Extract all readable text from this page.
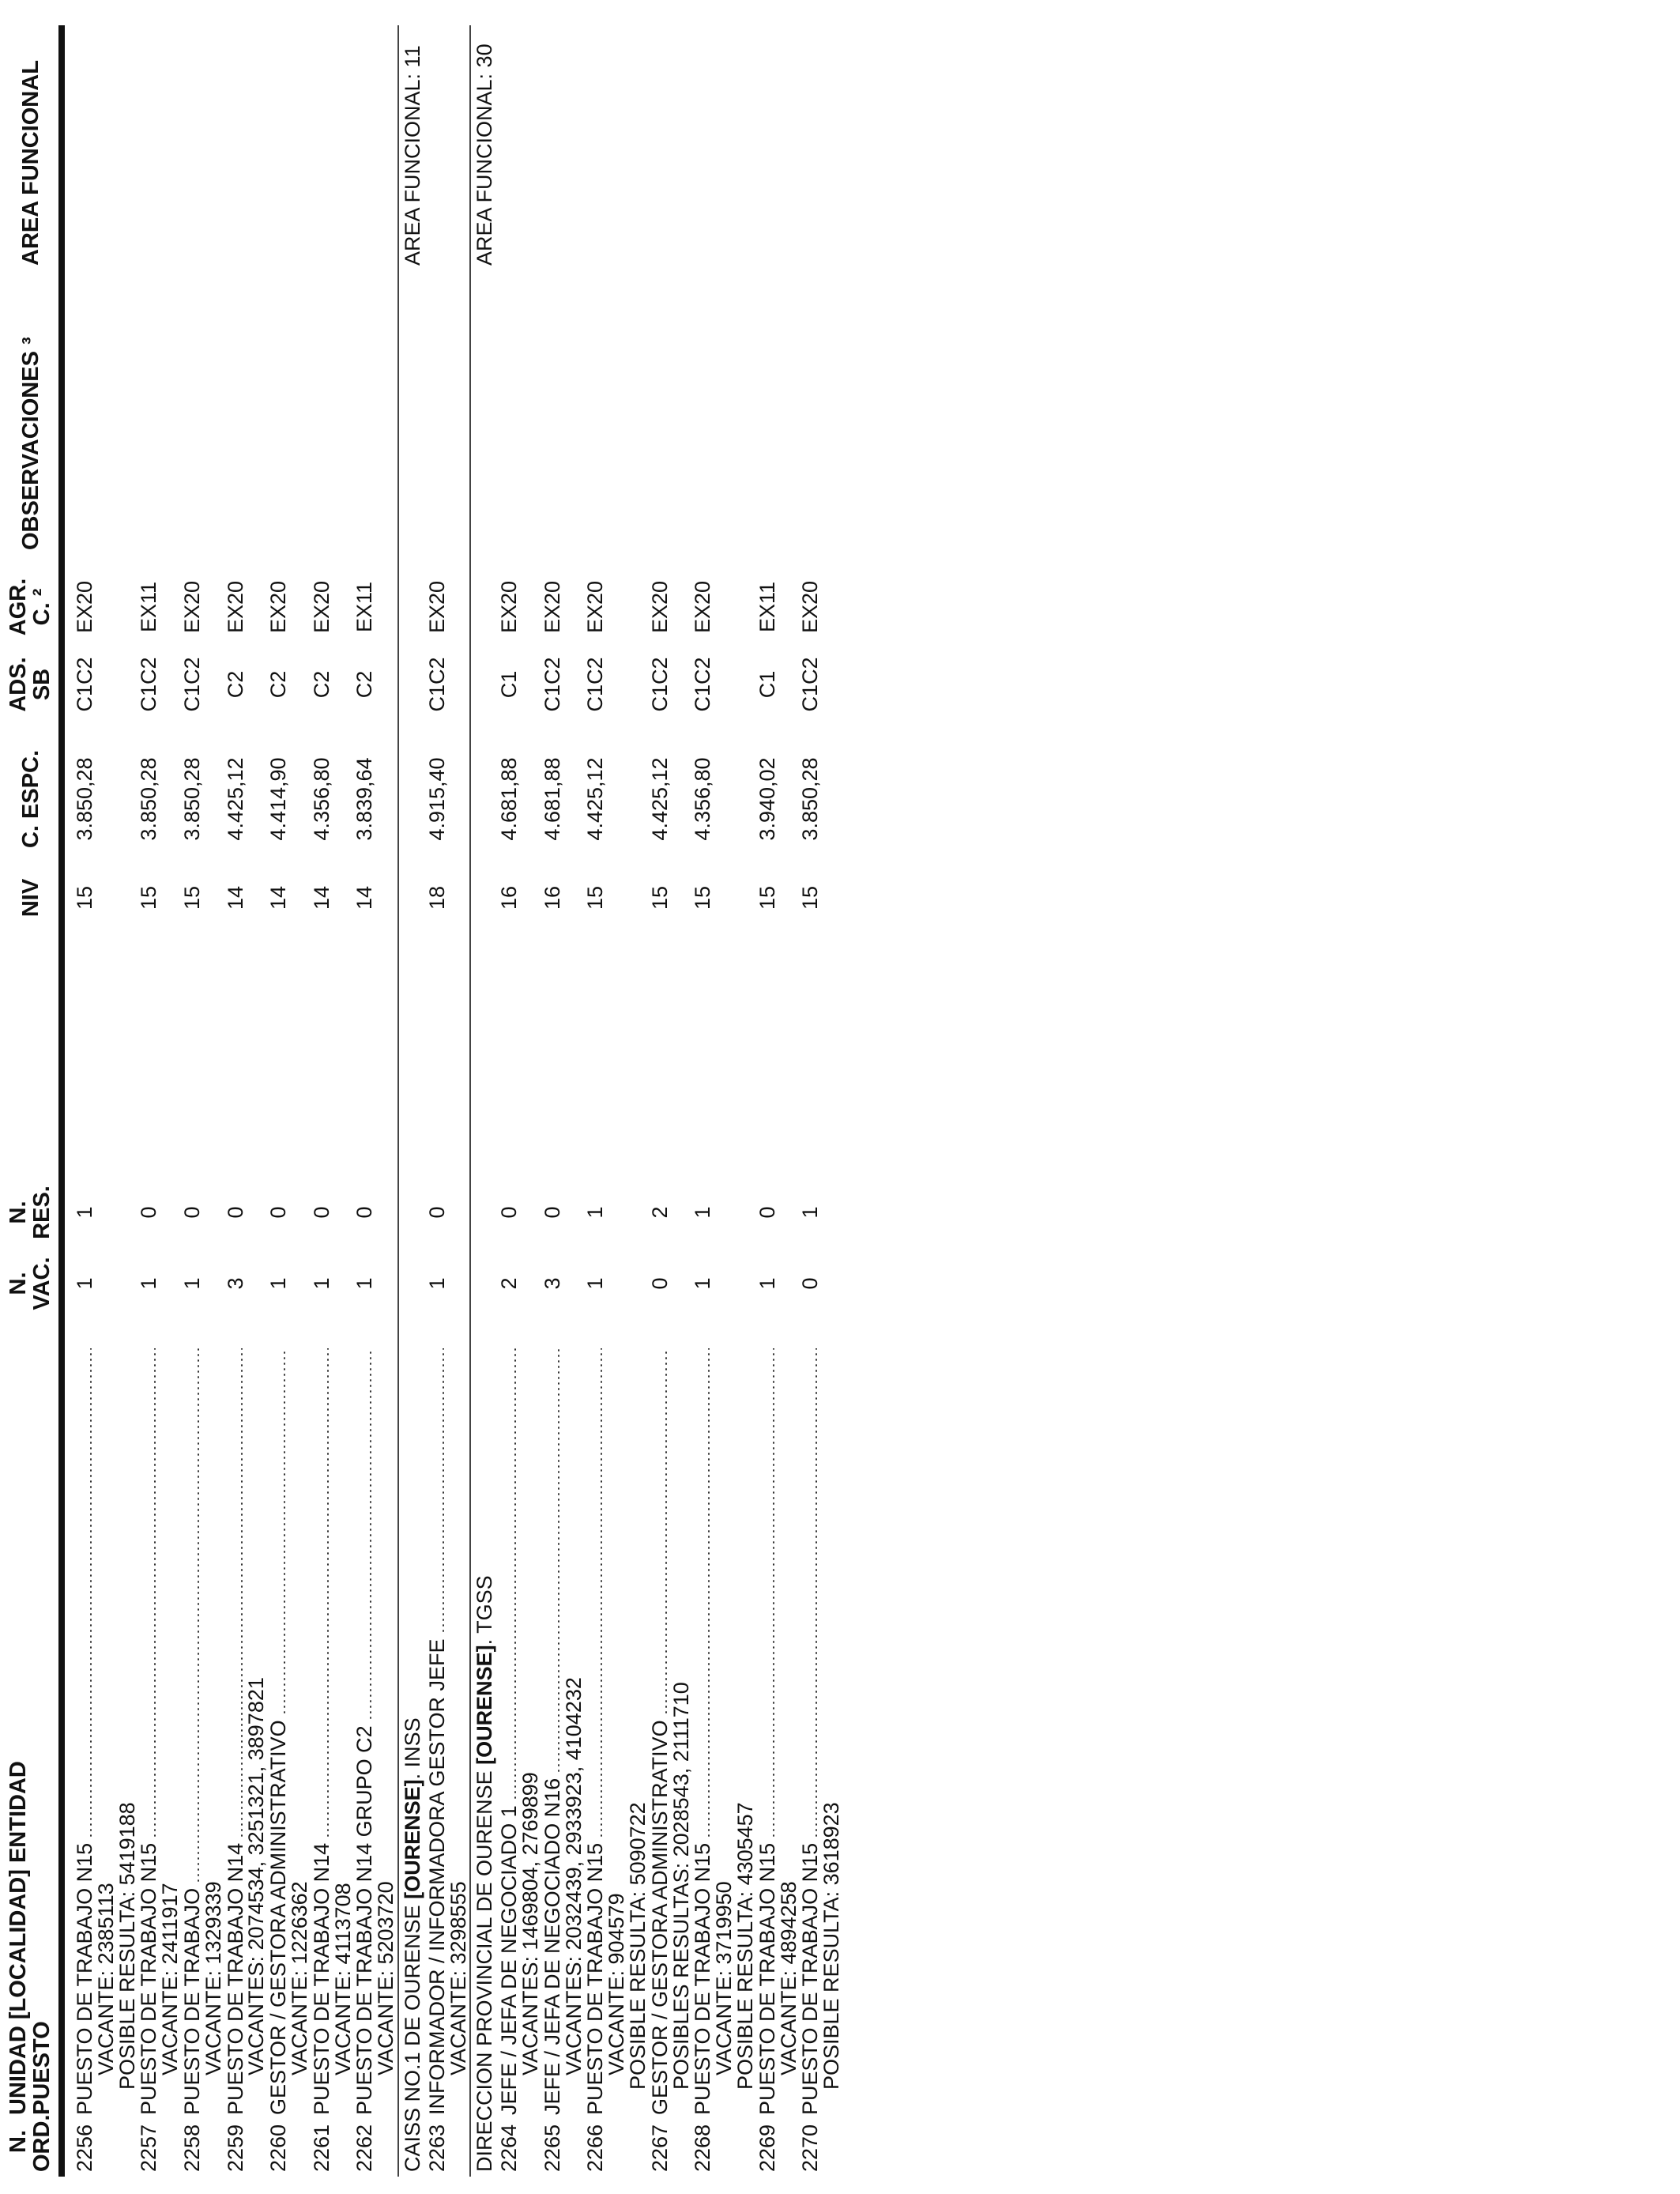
N.
ORD.
UNIDAD [LOCALIDAD] ENTIDAD
PUESTO
N.
VAC.
N.
RES.
NIV
C. ESPC.
ADS.
SB
AGR.
C. ²
OBSERVACIONES ³
AREA FUNCIONAL
2256
PUESTO DE TRABAJO N15
1
1
15
3.850,28
C1C2
EX20
VACANTE: 2385113
POSIBLE RESULTA: 5419188
2257
PUESTO DE TRABAJO N15
1
0
15
3.850,28
C1C2
EX11
VACANTE: 2411917
2258
PUESTO DE TRABAJO
1
0
15
3.850,28
C1C2
EX20
VACANTE: 1329339
2259
PUESTO DE TRABAJO N14
3
0
14
4.425,12
C2
EX20
VACANTES: 2074534, 3251321, 3897821
2260
GESTOR / GESTORA ADMINISTRATIVO
1
0
14
4.414,90
C2
EX20
VACANTE: 1226362
2261
PUESTO DE TRABAJO N14
1
0
14
4.356,80
C2
EX20
VACANTE: 4113708
2262
PUESTO DE TRABAJO N14 GRUPO C2
1
0
14
3.839,64
C2
EX11
VACANTE: 5203720 CAISS NO.1 DE OURENSE [OURENSE]. INSS
AREA FUNCIONAL: 11
2263
INFORMADOR / INFORMADORA GESTOR JEFE
1
0
18
4.915,40
C1C2
EX20
VACANTE: 3298555 DIRECCION PROVINCIAL DE OURENSE [OURENSE]. TGSS
AREA FUNCIONAL: 30
2264
JEFE / JEFA DE NEGOCIADO 1
2
0
16
4.681,88
C1
EX20
VACANTES: 1469804, 2769899
2265
JEFE / JEFA DE NEGOCIADO N16
3
0
16
4.681,88
C1C2
EX20
VACANTES: 2032439, 2933923, 4104232
2266
PUESTO DE TRABAJO N15
1
1
15
4.425,12
C1C2
EX20
VACANTE: 904579
POSIBLE RESULTA: 5090722
2267
GESTOR / GESTORA ADMINISTRATIVO
0
2
15
4.425,12
C1C2
EX20
POSIBLES RESULTAS: 2028543, 2111710
2268
PUESTO DE TRABAJO N15
1
1
15
4.356,80
C1C2
EX20
VACANTE: 3719950
POSIBLE RESULTA: 4305457
2269
PUESTO DE TRABAJO N15
1
0
15
3.940,02
C1
EX11
VACANTE: 4894258
2270
PUESTO DE TRABAJO N15
0
1
15
3.850,28
C1C2
EX20
POSIBLE RESULTA: 3618923
